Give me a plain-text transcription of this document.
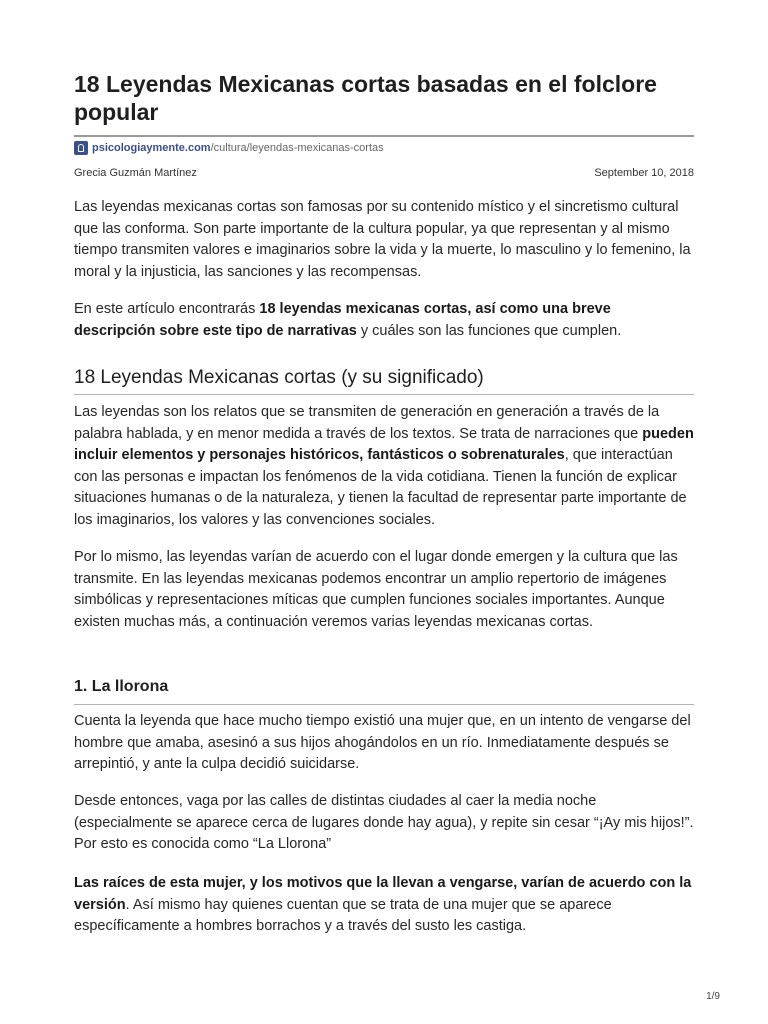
18 Leyendas Mexicanas cortas basadas en el folclore popular
psicologiaymente.com /cultura/leyendas-mexicanas-cortas
Grecia Guzmán Martínez	September 10, 2018

Las leyendas mexicanas cortas son famosas por su contenido místico y el sincretismo cultural que las conforma. Son parte importante de la cultura popular, ya que representan y al mismo tiempo transmiten valores e imaginarios sobre la vida y la muerte, lo masculino y lo femenino, la moral y la injusticia, las sanciones y las recompensas.

En este artículo encontrarás 18 leyendas mexicanas cortas, así como una breve descripción sobre este tipo de narrativas y cuáles son las funciones que cumplen.

18 Leyendas Mexicanas cortas (y su significado)

Las leyendas son los relatos que se transmiten de generación en generación a través de la palabra hablada, y en menor medida a través de los textos. Se trata de narraciones que pueden incluir elementos y personajes históricos, fantásticos o sobrenaturales, que interactúan con las personas e impactan los fenómenos de la vida cotidiana. Tienen la función de explicar situaciones humanas o de la naturaleza, y tienen la facultad de representar parte importante de los imaginarios, los valores y las convenciones sociales.

Por lo mismo, las leyendas varían de acuerdo con el lugar donde emergen y la cultura que las transmite. En las leyendas mexicanas podemos encontrar un amplio repertorio de imágenes simbólicas y representaciones míticas que cumplen funciones sociales importantes. Aunque existen muchas más, a continuación veremos varias leyendas mexicanas cortas.

1. La llorona

Cuenta la leyenda que hace mucho tiempo existió una mujer que, en un intento de vengarse del hombre que amaba, asesinó a sus hijos ahogándolos en un río. Inmediatamente después se arrepintió, y ante la culpa decidió suicidarse.

Desde entonces, vaga por las calles de distintas ciudades al caer la media noche (especialmente se aparece cerca de lugares donde hay agua), y repite sin cesar “¡Ay mis hijos!”. Por esto es conocida como “La Llorona”

Las raíces de esta mujer, y los motivos que la llevan a vengarse, varían de acuerdo con la versión. Así mismo hay quienes cuentan que se trata de una mujer que se aparece específicamente a hombres borrachos y a través del susto les castiga.

1/9
